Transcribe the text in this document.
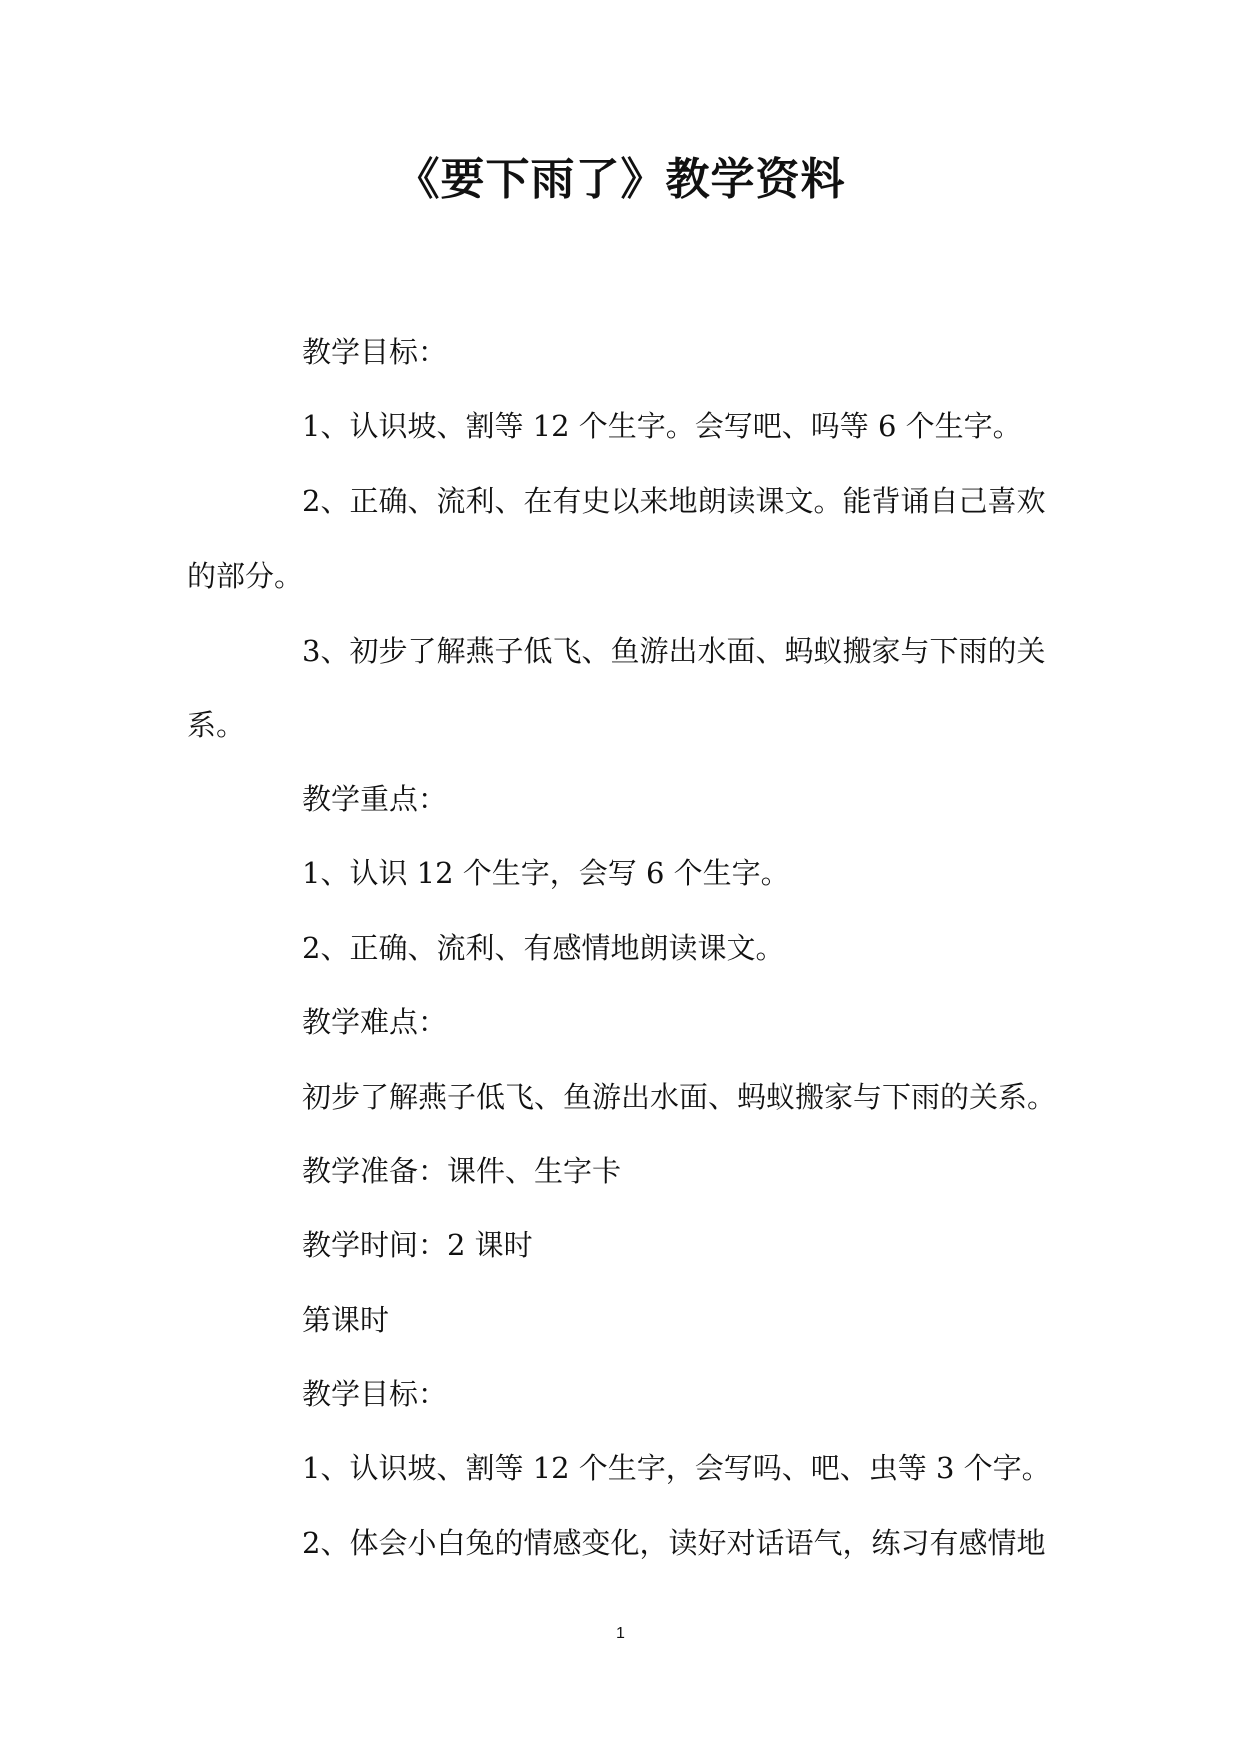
《要下雨了》教学资料
教学目标：
1、认识坡、割等 12 个生字。会写吧、吗等 6 个生字。
2、正确、流利、在有史以来地朗读课文。能背诵自己喜欢
的部分。
3、初步了解燕子低飞、鱼游出水面、蚂蚁搬家与下雨的关
系。
教学重点：
1、认识 12 个生字，会写 6 个生字。
2、正确、流利、有感情地朗读课文。
教学难点：
初步了解燕子低飞、鱼游出水面、蚂蚁搬家与下雨的关系。
教学准备：课件、生字卡
教学时间：2 课时
第课时
教学目标：
1、认识坡、割等 12 个生字，会写吗、吧、虫等 3 个字。
2、体会小白兔的情感变化，读好对话语气，练习有感情地
1
